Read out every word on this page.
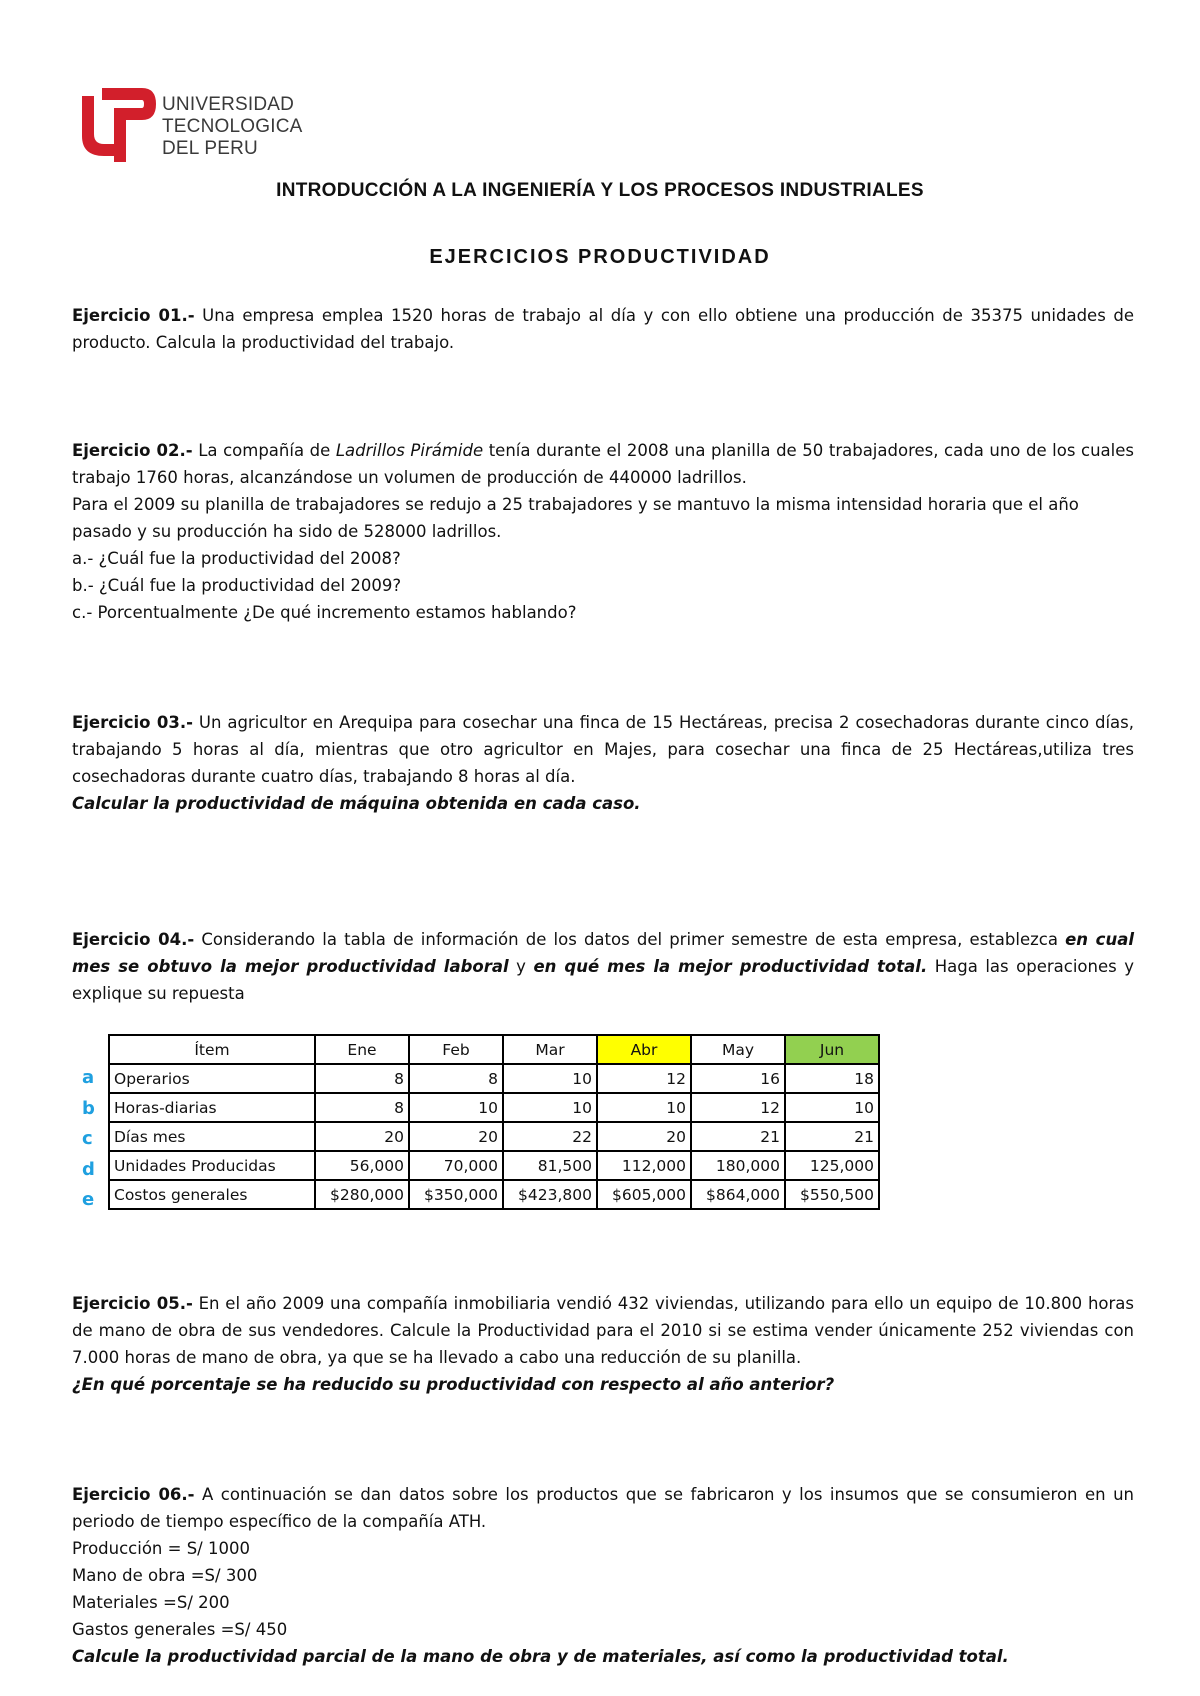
UNIVERSIDAD
TECNOLOGICA
DEL PERU
INTRODUCCIÓN A LA INGENIERÍA Y LOS PROCESOS INDUSTRIALES
EJERCICIOS PRODUCTIVIDAD

Ejercicio 01.- Una empresa emplea 1520 horas de trabajo al día y con ello obtiene una producción de 35375 unidades de producto. Calcula la productividad del trabajo.

Ejercicio 02.- La compañía de Ladrillos Pirámide tenía durante el 2008 una planilla de 50 trabajadores, cada uno de los cuales trabajo 1760 horas, alcanzándose un volumen de producción de 440000 ladrillos.

Para el 2009 su planilla de trabajadores se redujo a 25 trabajadores y se mantuvo la misma intensidad horaria que el año pasado y su producción ha sido de 528000 ladrillos.

a.- ¿Cuál fue la productividad del 2008?

b.- ¿Cuál fue la productividad del 2009?

c.- Porcentualmente ¿De qué incremento estamos hablando?

Ejercicio 03.- Un agricultor en Arequipa para cosechar una finca de 15 Hectáreas, precisa 2 cosechadoras durante cinco días, trabajando 5 horas al día, mientras que otro agricultor en Majes, para cosechar una finca de 25 Hectáreas,utiliza tres cosechadoras durante cuatro días, trabajando 8 horas al día.

Calcular la productividad de máquina obtenida en cada caso.

Ejercicio 04.- Considerando la tabla de información de los datos del primer semestre de esta empresa, establezca en cual mes se obtuvo la mejor productividad laboral y en qué mes la mejor productividad total. Haga las operaciones y explique su repuesta

a
b
c
d
e
Ítem	Ene	Feb	Mar	Abr	May	Jun
Operarios	8	8	10	12	16	18
Horas-diarias	8	10	10	10	12	10
Días mes	20	20	22	20	21	21
Unidades Producidas	56,000	70,000	81,500	112,000	180,000	125,000
Costos generales	$280,000	$350,000	$423,800	$605,000	$864,000	$550,500

Ejercicio 05.- En el año 2009 una compañía inmobiliaria vendió 432 viviendas, utilizando para ello un equipo de 10.800 horas de mano de obra de sus vendedores. Calcule la Productividad para el 2010 si se estima vender únicamente 252 viviendas con 7.000 horas de mano de obra, ya que se ha llevado a cabo una reducción de su planilla.

¿En qué porcentaje se ha reducido su productividad con respecto al año anterior?

Ejercicio 06.- A continuación se dan datos sobre los productos que se fabricaron y los insumos que se consumieron en un periodo de tiempo específico de la compañía ATH.

Producción = S/ 1000

Mano de obra =S/ 300

Materiales =S/ 200

Gastos generales =S/ 450

Calcule la productividad parcial de la mano de obra y de materiales, así como la productividad total.
